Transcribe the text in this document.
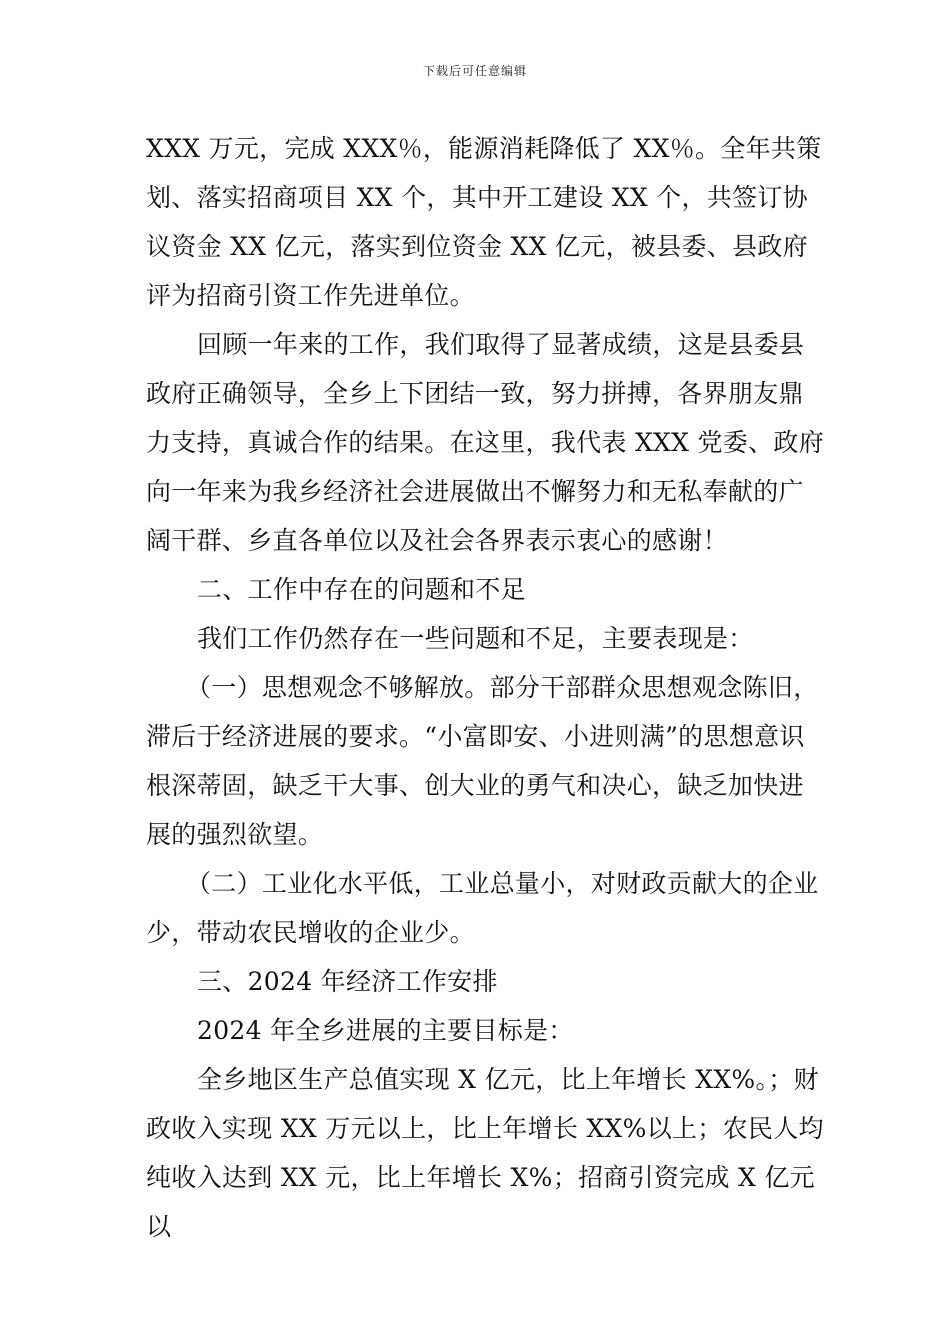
下载后可任意编辑

XXX 万元，完成 XXX％，能源消耗降低了 XX％。全年共策划、落实招商项目 XX 个，其中开工建设 XX 个，共签订协议资金 XX 亿元，落实到位资金 XX 亿元，被县委、县政府评为招商引资工作先进单位。

回顾一年来的工作，我们取得了显著成绩，这是县委县政府正确领导，全乡上下团结一致，努力拼搏，各界朋友鼎力支持，真诚合作的结果。在这里，我代表 XXX 党委、政府向一年来为我乡经济社会进展做出不懈努力和无私奉献的广阔干群、乡直各单位以及社会各界表示衷心的感谢！

二、工作中存在的问题和不足

我们工作仍然存在一些问题和不足，主要表现是：

（一）思想观念不够解放。部分干部群众思想观念陈旧，滞后于经济进展的要求。“小富即安、小进则满”的思想意识根深蒂固，缺乏干大事、创大业的勇气和决心，缺乏加快进展的强烈欲望。

（二）工业化水平低，工业总量小，对财政贡献大的企业少，带动农民增收的企业少。

三、2024 年经济工作安排

2024 年全乡进展的主要目标是：

全乡地区生产总值实现 X 亿元，比上年增长 XX%。；财政收入实现 XX 万元以上，比上年增长 XX%以上；农民人均纯收入达到 XX 元，比上年增长 X%；招商引资完成 X 亿元以
